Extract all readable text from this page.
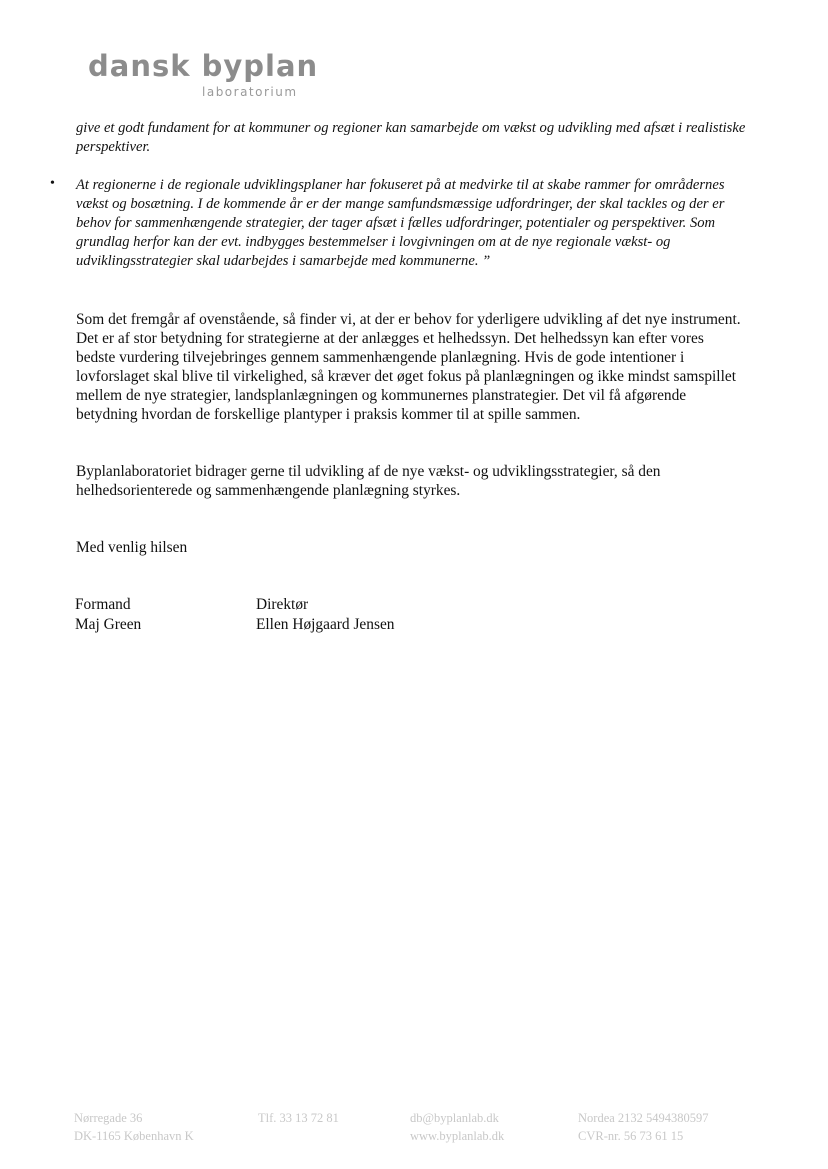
dansk byplan
laboratorium
give et godt fundament for at kommuner og regioner kan samarbejde om vækst og udvikling med afsæt i realistiske perspektiver.
• At regionerne i de regionale udviklingsplaner har fokuseret på at medvirke til at skabe rammer for områdernes vækst og bosætning. I de kommende år er der mange samfundsmæssige udfordringer, der skal tackles og der er behov for sammenhængende strategier, der tager afsæt i fælles udfordringer, potentialer og perspektiver. Som grundlag herfor kan der evt. indbygges bestemmelser i lovgivningen om at de nye regionale vækst- og udviklingsstrategier skal udarbejdes i samarbejde med kommunerne. ”
Som det fremgår af ovenstående, så finder vi, at der er behov for yderligere udvikling af det nye instrument. Det er af stor betydning for strategierne at der anlægges et helhedssyn. Det helhedssyn kan efter vores bedste vurdering tilvejebringes gennem sammenhængende planlægning. Hvis de gode intentioner i lovforslaget skal blive til virkelighed, så kræver det øget fokus på planlægningen og ikke mindst samspillet mellem de nye strategier, landsplanlægningen og kommunernes planstrategier. Det vil få afgørende betydning hvordan de forskellige plantyper i praksis kommer til at spille sammen.
Byplanlaboratoriet bidrager gerne til udvikling af de nye vækst- og udviklingsstrategier, så den helhedsorienterede og sammenhængende planlægning styrkes.
Med venlig hilsen
Formand
Maj Green
Direktør
Ellen Højgaard Jensen
Nørregade 36
DK-1165 København K
Tlf. 33 13 72 81	db@byplanlab.dk
www.byplanlab.dk
Nordea 2132 5494380597
CVR-nr. 56 73 61 15
